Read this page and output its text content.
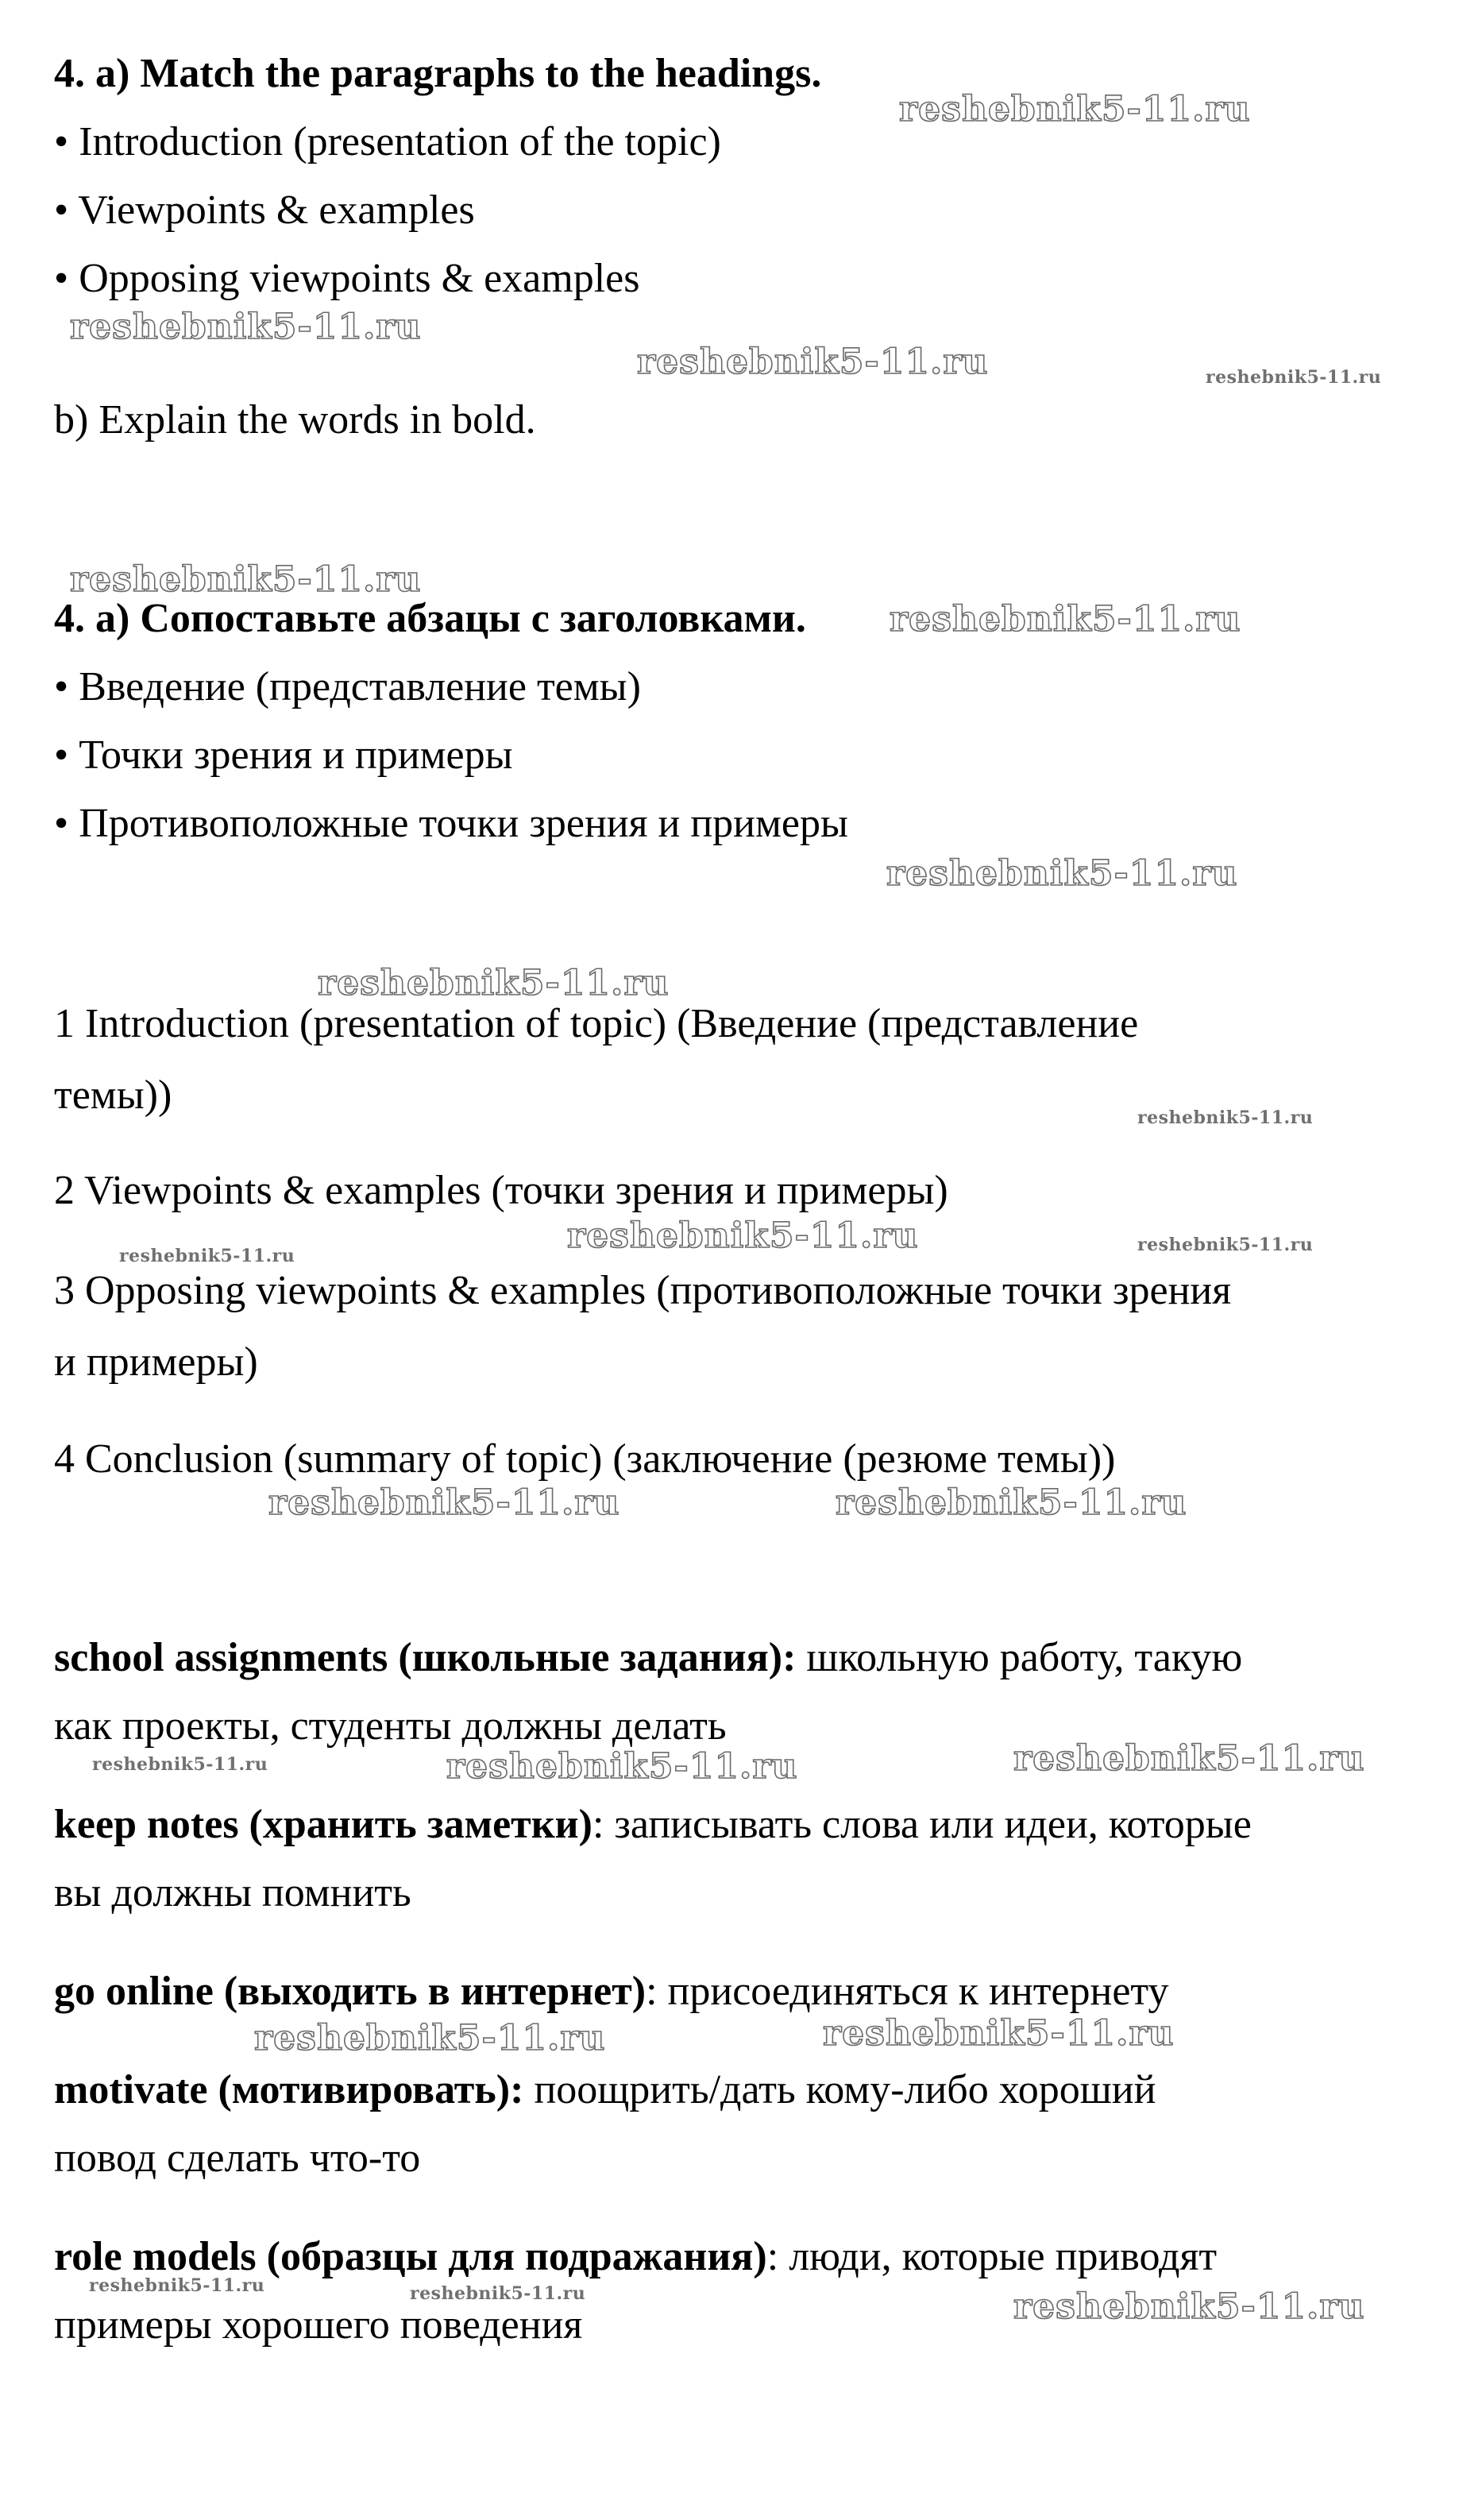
4. a) Match the paragraphs to the headings.
• Introduction (presentation of the topic)
• Viewpoints & examples
• Opposing viewpoints & examples
b) Explain the words in bold.
4. а) Сопоставьте абзацы с заголовками.
• Введение (представление темы)
• Точки зрения и примеры
• Противоположные точки зрения и примеры
1 Introduction (presentation of topic) (Введение (представление
темы))
2 Viewpoints & examples (точки зрения и примеры)
3 Opposing viewpoints & examples (противоположные точки зрения
и примеры)
4 Conclusion (summary of topic) (заключение (резюме темы))
school assignments (школьные задания): школьную работу, такую
как проекты, студенты должны делать
keep notes (хранить заметки): записывать слова или идеи, которые
вы должны помнить
go online (выходить в интернет): присоединяться к интернету
motivate (мотивировать): поощрить/дать кому-либо хороший
повод сделать что-то
role models (образцы для подражания): люди, которые приводят
примеры хорошего поведения
reshebnik5-11.ru
reshebnik5-11.ru
reshebnik5-11.ru	reshebnik5-11.ru
reshebnik5-11.ru
reshebnik5-11.ru
reshebnik5-11.ru
reshebnik5-11.ru
reshebnik5-11.ru
reshebnik5-11.ru
reshebnik5-11.ru
reshebnik5-11.ru
reshebnik5-11.ru	reshebnik5-11.ru
reshebnik5-11.ru
reshebnik5-11.ru
reshebnik5-11.ru
reshebnik5-11.ru	reshebnik5-11.ru
reshebnik5-11.ru	reshebnik5-11.ru	reshebnik5-11.ru
